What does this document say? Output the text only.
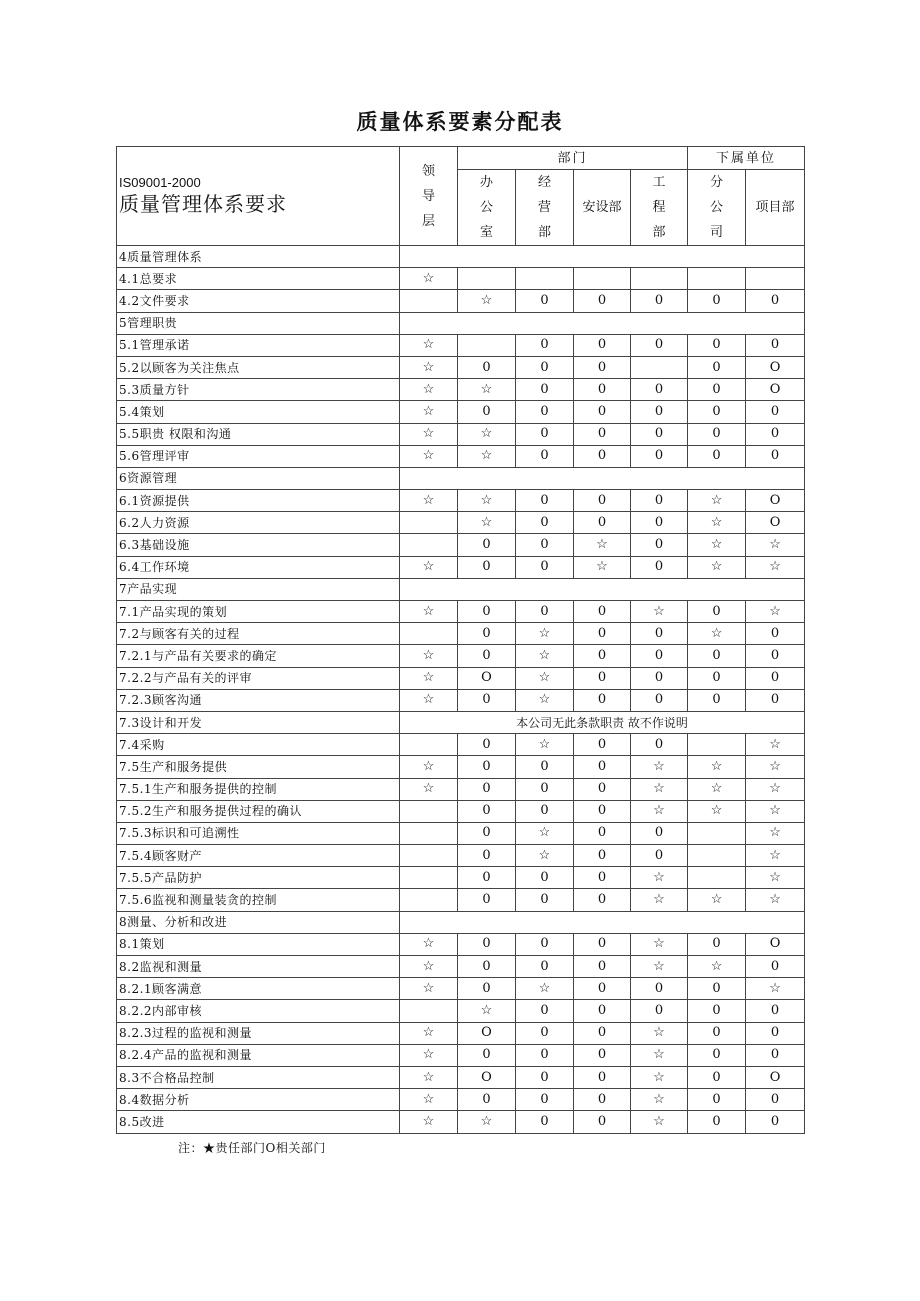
质量体系要素分配表
IS09001-2000
质量管理体系要求	领导层	部门				下属单位	
		办公室	经营部	安设部	工程部	分公司	项目部
4质量管理体系							
4.1总要求	☆						
4.2文件要求		☆	0	0	0	0	0
5管理职贵							
5.1管理承诺	☆		0	0	0	0	0
5.2以顾客为关注焦点	☆	0	0	0		0	O
5.3质量方针	☆	☆	0	0	0	0	O
5.4策划	☆	0	0	0	0	0	0
5.5职贵 权限和沟通	☆	☆	0	0	0	0	0
5.6管理评审	☆	☆	0	0	0	0	0
6资源管理							
6.1资源提供	☆	☆	0	0	0	☆	O
6.2人力资源		☆	0	0	0	☆	O
6.3基础设施		0	0	☆	0	☆	☆
6.4工作环境	☆	0	0	☆	0	☆	☆
7产品实现							
7.1产品实现的策划	☆	0	0	0	☆	0	☆
7.2与顾客有关的过程		0	☆	0	0	☆	0
7.2.1与产品有关要求的确定	☆	0	☆	0	0	0	0
7.2.2与产品有关的评审	☆	O	☆	0	0	0	0
7.2.3顾客沟通	☆	0	☆	0	0	0	0
7.3设计和开发	本公司无此条款职责 故不作说明						
7.4采购		0	☆	0	0		☆
7.5生产和服务提供	☆	0	0	0	☆	☆	☆
7.5.1生产和服务提供的控制	☆	0	0	0	☆	☆	☆
7.5.2生产和服务提供过程的确认		0	0	0	☆	☆	☆
7.5.3标识和可追溯性		0	☆	0	0		☆
7.5.4顾客财产		0	☆	0	0		☆
7.5.5产品防护		0	0	0	☆		☆
7.5.6监视和测量装贪的控制		0	0	0	☆	☆	☆
8测量、分析和改进							
8.1策划	☆	0	0	0	☆	0	O
8.2监视和测量	☆	0	0	0	☆	☆	0
8.2.1顾客满意	☆	0	☆	0	0	0	☆
8.2.2内部审核		☆	0	0	0	0	0
8.2.3过程的监视和测量	☆	O	0	0	☆	0	0
8.2.4产品的监视和测量	☆	0	0	0	☆	0	0
8.3不合格品控制	☆	O	0	0	☆	0	O
8.4数据分析	☆	0	0	0	☆	0	0
8.5改进	☆	☆	0	0	☆	0	0
注：★贵任部门O相关部门
